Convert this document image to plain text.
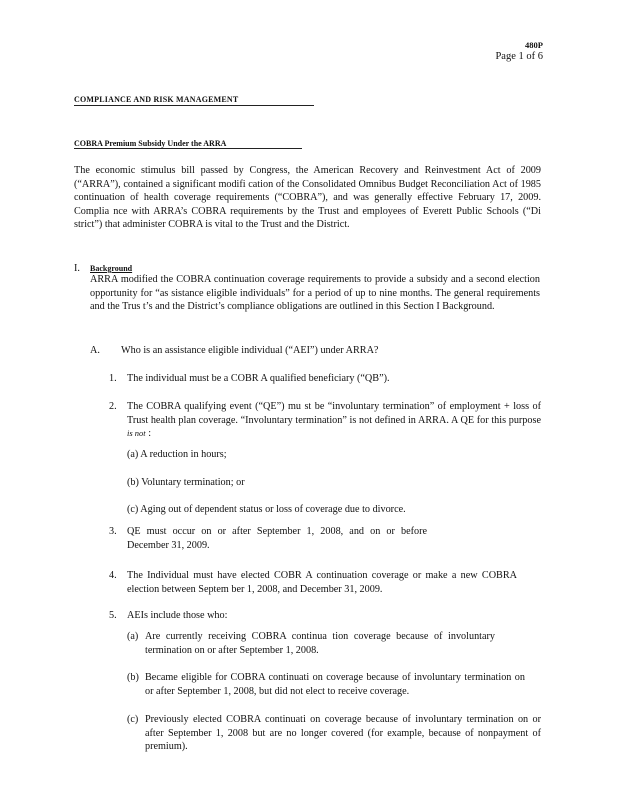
480P
Page 1 of 6
COMPLIANCE AND RISK MANAGEMENT
COBRA Premium Subsidy Under the ARRA

The economic stimulus bill passed by Congress, the American Recovery and Reinvestment Act of 2009 (“ARRA”), contained a significant modifi cation of the Consolidated Omnibus Budget Reconciliation Act of 1985 continuation of health coverage requirements (“COBRA”), and was generally effective February 17, 2009. Complia nce with ARRA’s COBRA requirements by the Trust and employees of Everett Public Schools (“Di strict”) that administer COBRA is vital to the Trust and the District.

I. Background

ARRA modified the COBRA continuation coverage requirements to provide a subsidy and a second election opportunity for “as sistance eligible individuals” for a period of up to nine months. The general requirements and the Trus t’s and the District’s compliance obligations are outlined in this Section I Background.

A. Who is an assistance eligible individual (“AEI”) under ARRA?
1. The individual must be a COBR A qualified beneficiary (“QB”).
2. The COBRA qualifying event (“QE”) mu st be “involuntary termination” of employment + loss of Trust health plan coverage. “Involuntary termination” is not defined in ARRA. A QE for this purpose is not :

(a) A reduction in hours;
(b) Voluntary termination; or
(c) Aging out of dependent status or loss of coverage due to divorce.
3. QE must occur on or after September 1, 2008, and on or before December 31, 2009.

4. The Individual must have elected COBR A continuation coverage or make a new COBRA election between Septem ber 1, 2008, and December 31, 2009.

5. AEIs include those who:
(a) Are currently receiving COBRA continua tion coverage because of involuntary termination on or after September 1, 2008.

(b) Became eligible for COBRA continuati on coverage because of involuntary termination on or after September 1, 2008, but did not elect to receive coverage.

(c) Previously elected COBRA continuati on coverage because of involuntary termination on or after September 1, 2008 but are no longer covered (for example, because of nonpayment of premium).
